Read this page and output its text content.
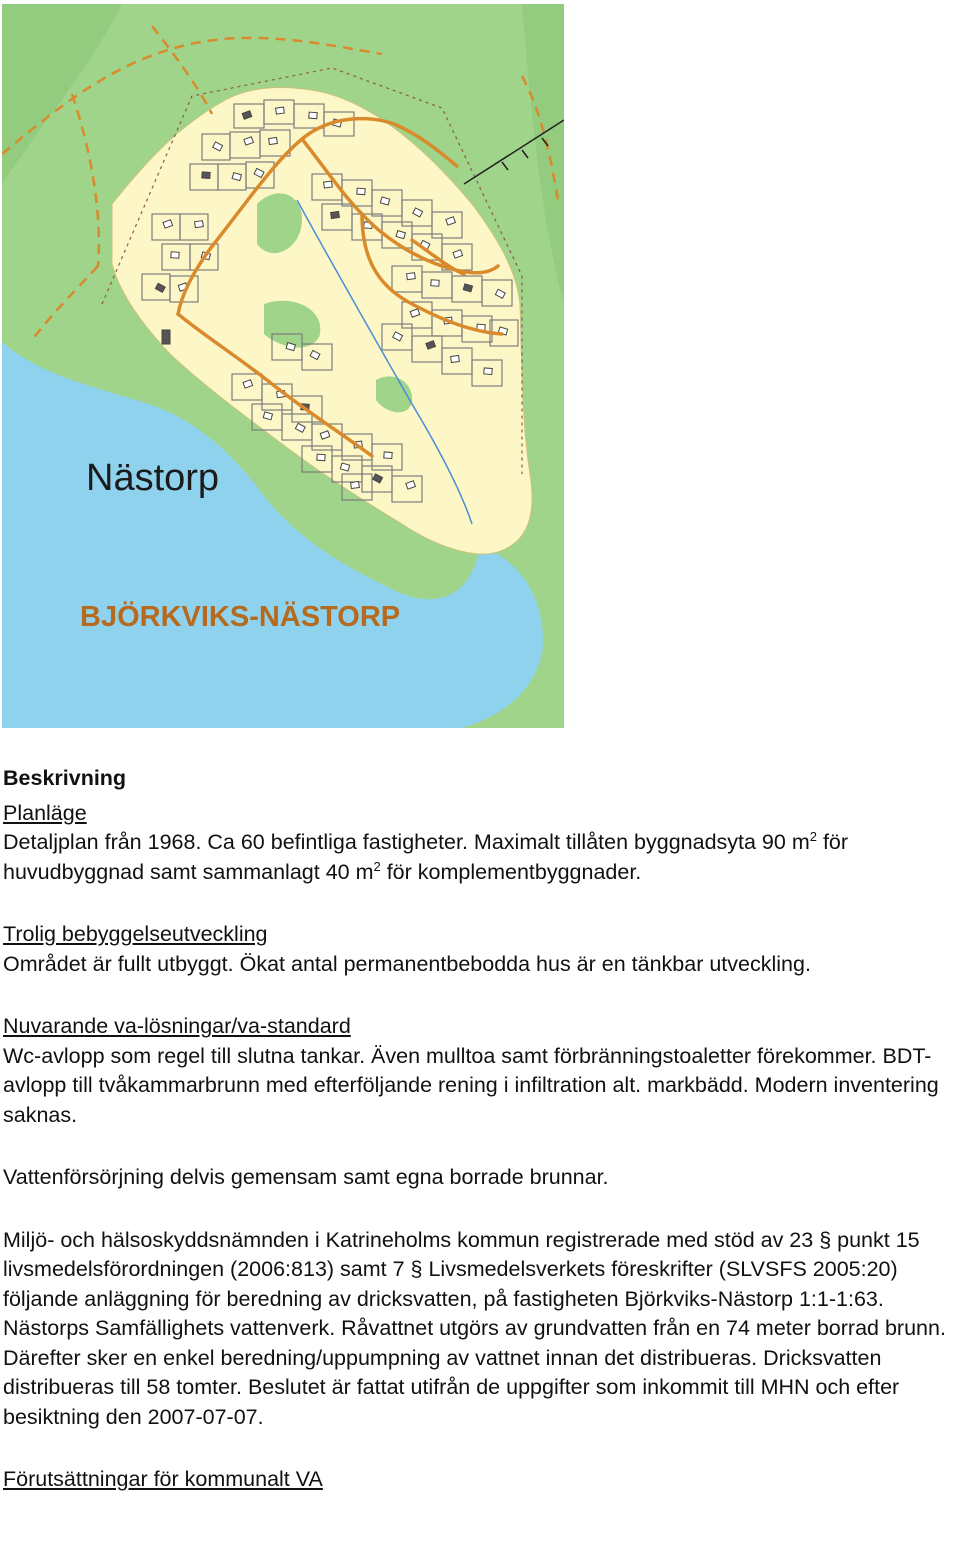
Nästorp
BJÖRKVIKS-NÄSTORP

Beskrivning

Planläge

Detaljplan från 1968. Ca 60 befintliga fastigheter. Maximalt tillåten byggnadsyta 90 $m^2$ för huvudbyggnad samt sammanlagt 40 $m^2$ för komplementbyggnader.

Trolig bebyggelseutveckling

Området är fullt utbyggt. Ökat antal permanentbebodda hus är en tänkbar utveckling.

Nuvarande va-lösningar/va-standard

Wc-avlopp som regel till slutna tankar. Även mulltoa samt förbränningstoaletter förekommer. BDT-avlopp till tvåkammarbrunn med efterföljande rening i infiltration alt. markbädd. Modern inventering saknas.

Vattenförsörjning delvis gemensam samt egna borrade brunnar.

Miljö- och hälsoskyddsnämnden i Katrineholms kommun registrerade med stöd av 23 § punkt 15 livsmedelsförordningen (2006:813) samt 7 § Livsmedelsverkets föreskrifter (SLVSFS 2005:20) följande anläggning för beredning av dricksvatten, på fastigheten Björkviks-Nästorp 1:1-1:63. Nästorps Samfällighets vattenverk. Råvattnet utgörs av grundvatten från en 74 meter borrad brunn. Därefter sker en enkel beredning/uppumpning av vattnet innan det distribueras. Dricksvatten distribueras till 58 tomter. Beslutet är fattat utifrån de uppgifter som inkommit till MHN och efter besiktning den 2007-07-07.

Förutsättningar för kommunalt VA
